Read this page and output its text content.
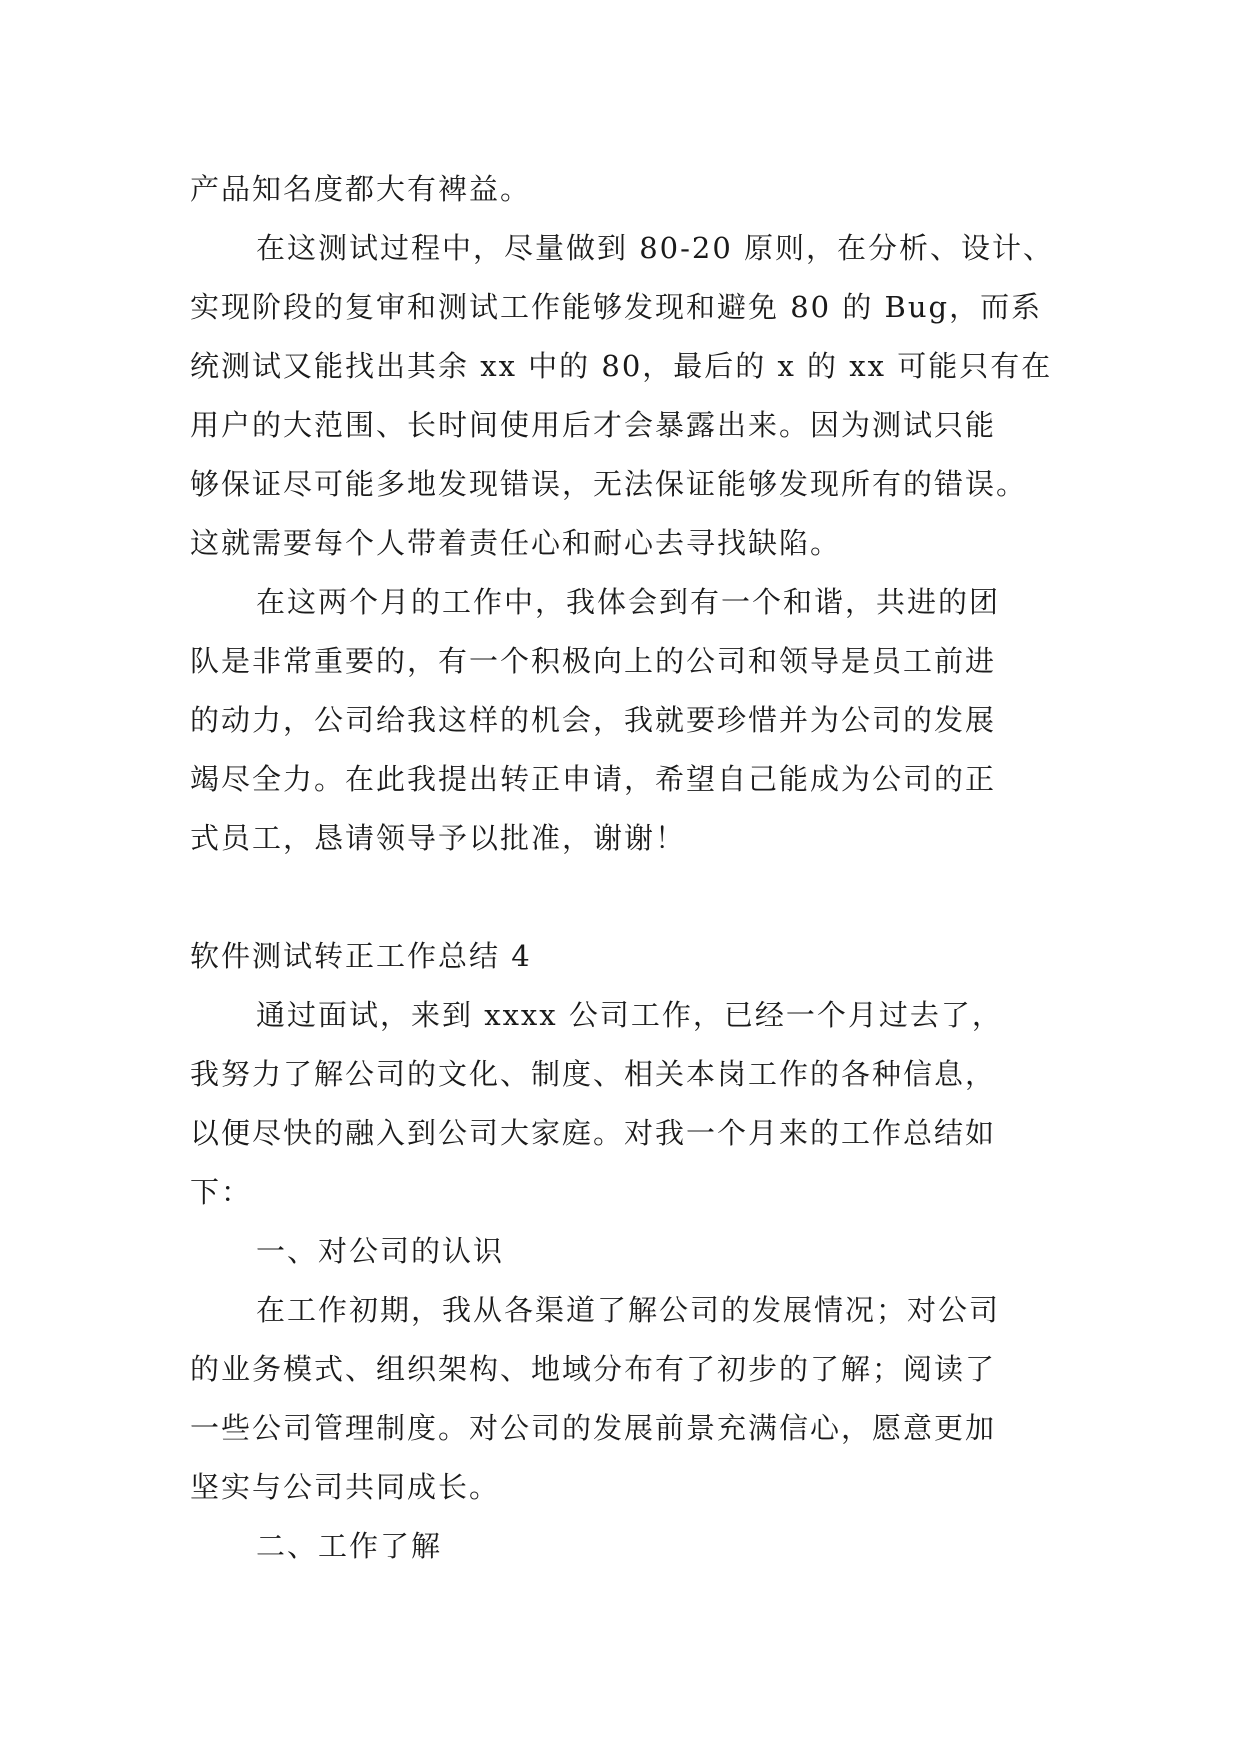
产品知名度都大有裨益。
在这测试过程中，尽量做到 80-20 原则，在分析、设计、
实现阶段的复审和测试工作能够发现和避免 80 的 Bug，而系
统测试又能找出其余 xx 中的 80，最后的 x 的 xx 可能只有在
用户的大范围、长时间使用后才会暴露出来。因为测试只能
够保证尽可能多地发现错误，无法保证能够发现所有的错误。
这就需要每个人带着责任心和耐心去寻找缺陷。
在这两个月的工作中，我体会到有一个和谐，共进的团
队是非常重要的，有一个积极向上的公司和领导是员工前进
的动力，公司给我这样的机会，我就要珍惜并为公司的发展
竭尽全力。在此我提出转正申请，希望自己能成为公司的正
式员工，恳请领导予以批准，谢谢！
软件测试转正工作总结 4
通过面试，来到 xxxx 公司工作，已经一个月过去了，
我努力了解公司的文化、制度、相关本岗工作的各种信息，
以便尽快的融入到公司大家庭。对我一个月来的工作总结如
下：
一、对公司的认识
在工作初期，我从各渠道了解公司的发展情况；对公司
的业务模式、组织架构、地域分布有了初步的了解；阅读了
一些公司管理制度。对公司的发展前景充满信心，愿意更加
坚实与公司共同成长。
二、工作了解
